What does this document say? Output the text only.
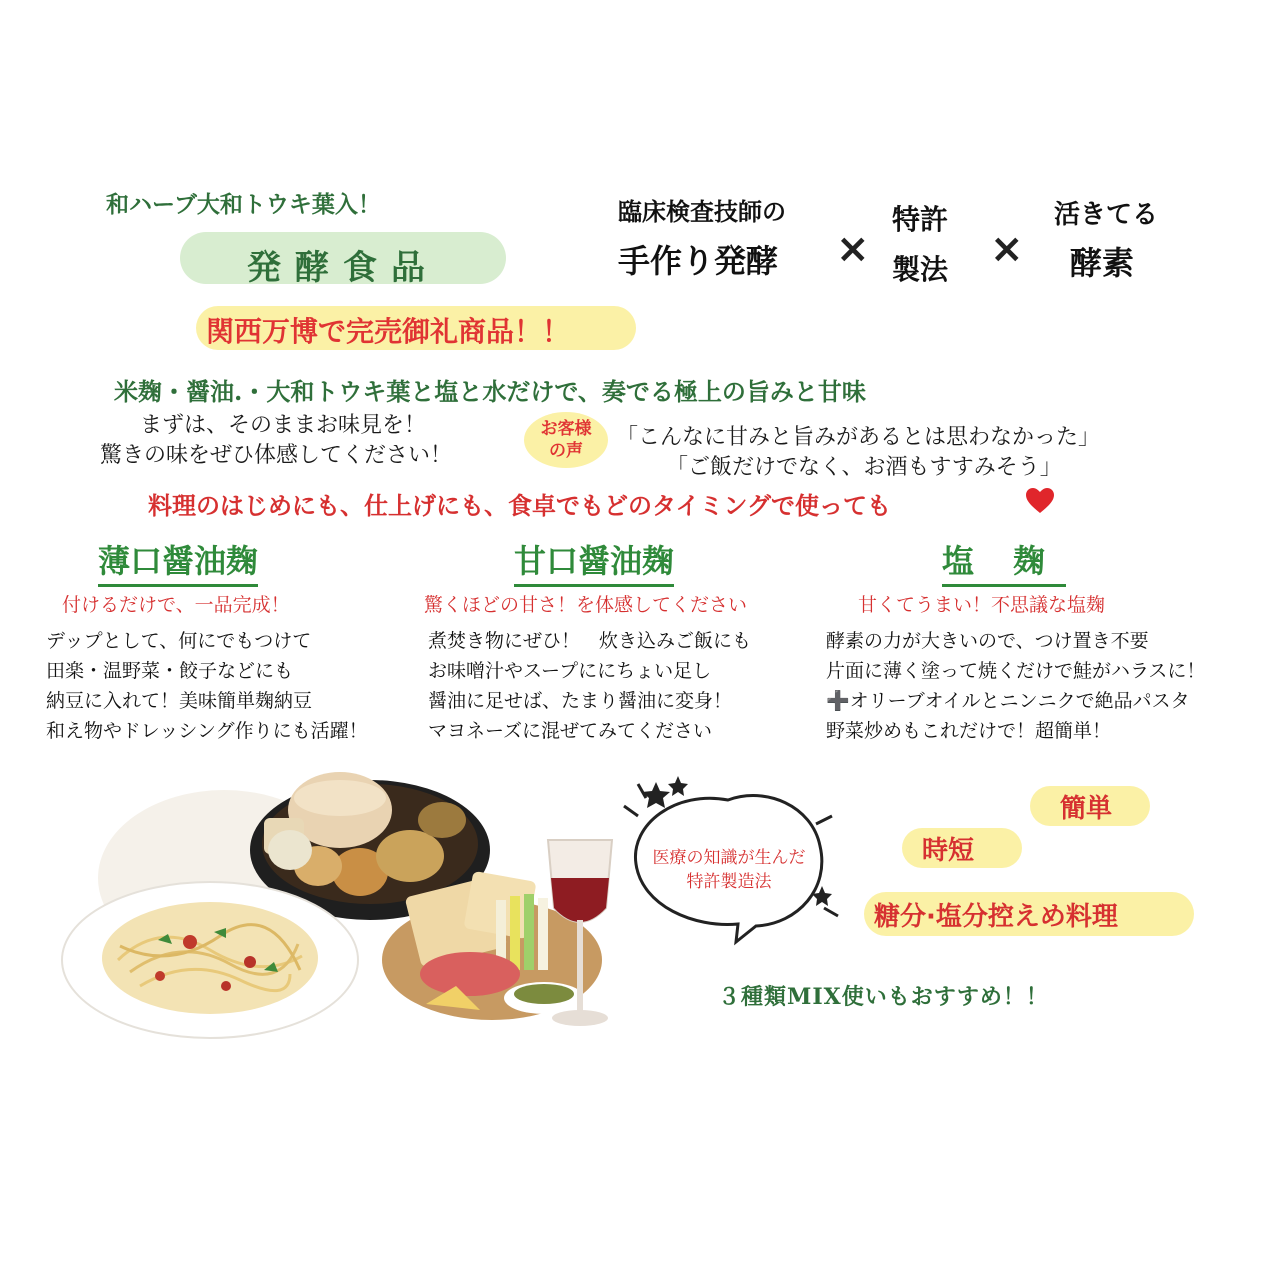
和ハーブ大和トウキ葉入！
発酵食品
関西万博で完売御礼商品！！
臨床検査技師の
手作り発酵 ×
特許
製法 ×
活きてる
酵素
米麹・醤油.・大和トウキ葉と塩と水だけで、奏でる極上の旨みと甘味
まずは、そのままお味見を！
驚きの味をぜひ体感してください！
お客様
の声
「こんなに甘みと旨みがあるとは思わなかった」
「ご飯だけでなく、お酒もすすみそう」
料理のはじめにも、仕上げにも、食卓でもどのタイミングで使っても
薄口醤油麹
付けるだけで、一品完成！
デップとして、何にでもつけて
田楽・温野菜・餃子などにも
納豆に入れて！美味簡単麹納豆
和え物やドレッシング作りにも活躍！
甘口醤油麹
驚くほどの甘さ！を体感してください
煮焚き物にぜひ！　炊き込みご飯にも
お味噌汁やスープににちょい足し
醤油に足せば、たまり醤油に変身！
マヨネーズに混ぜてみてください
塩 麹
甘くてうまい！不思議な塩麹
酵素の力が大きいので、つけ置き不要
片面に薄く塗って焼くだけで鮭がハラスに！
➕オリーブオイルとニンニクで絶品パスタ
野菜炒めもこれだけで！超簡単！
医療の知識が生んだ
特許製造法
簡単
時短
糖分·塩分控えめ料理
３種類MIX使いもおすすめ！！
